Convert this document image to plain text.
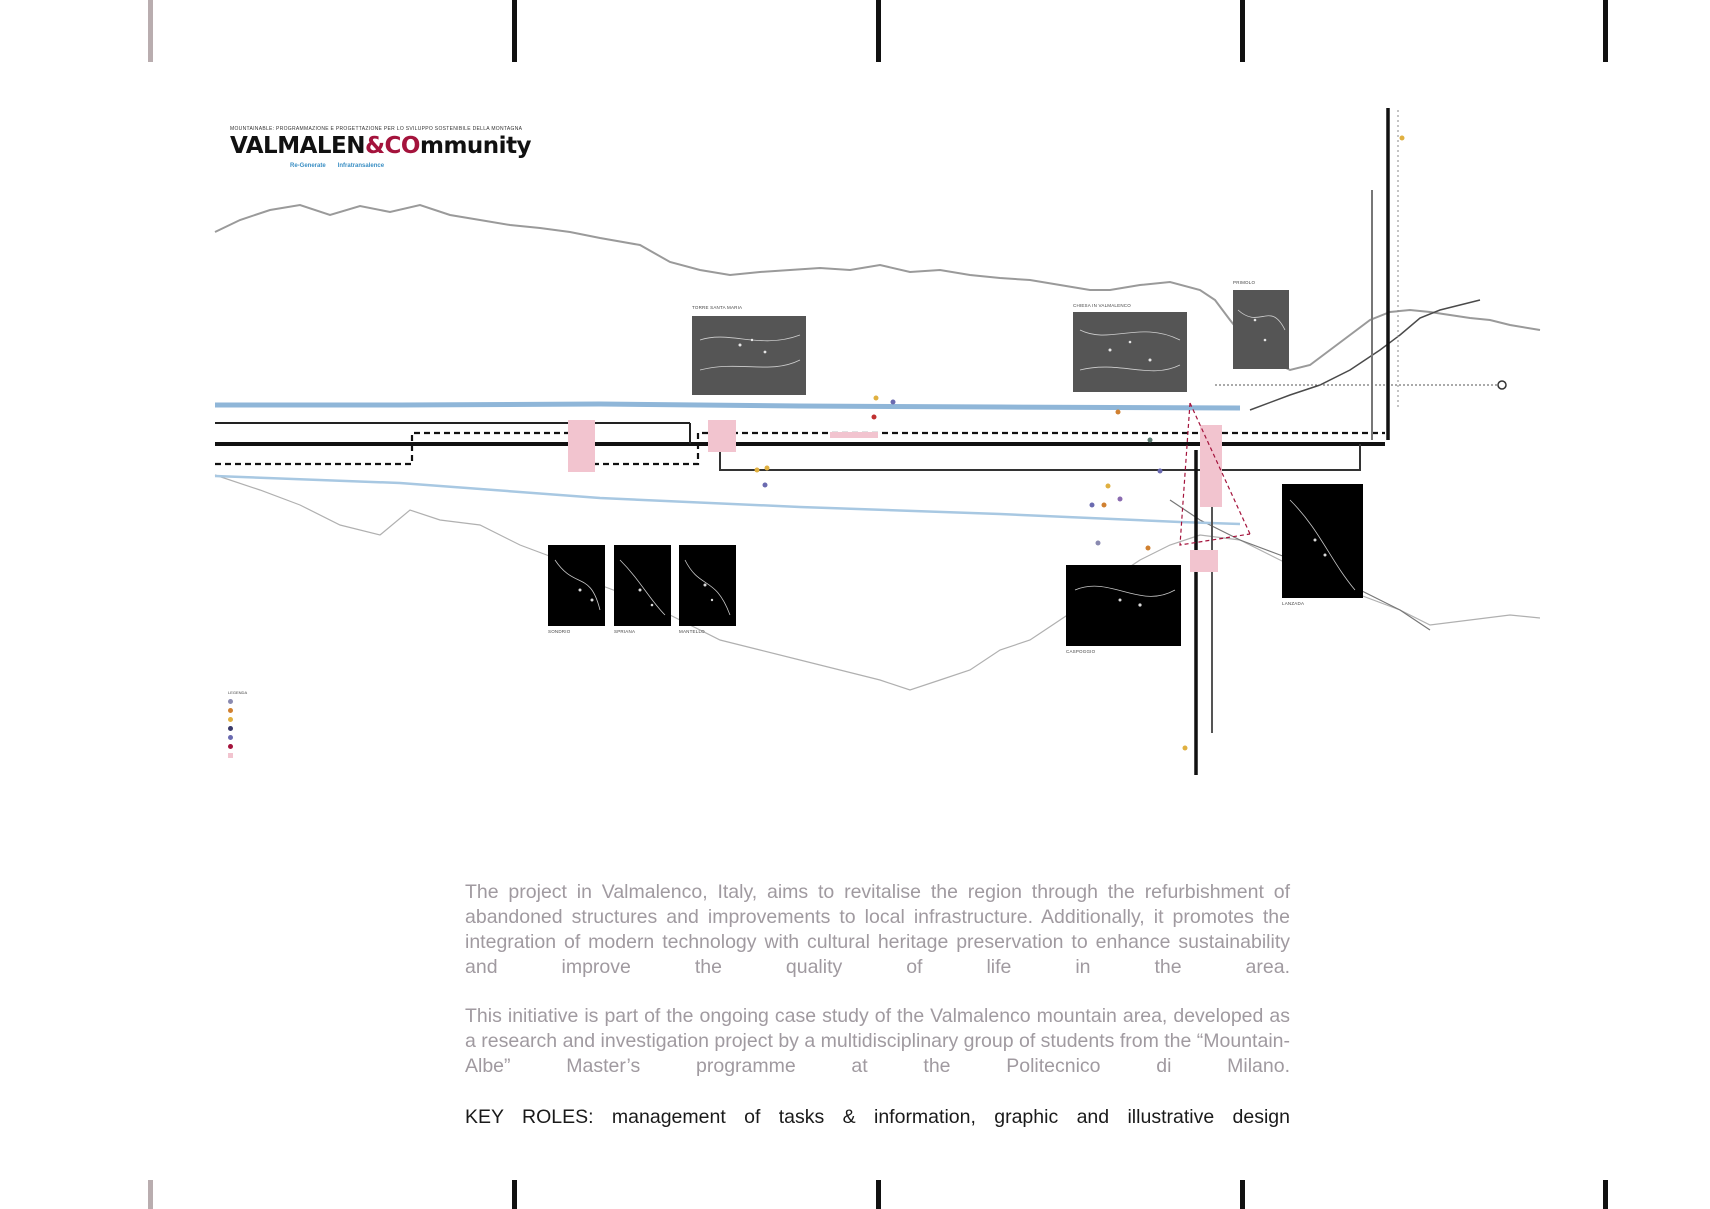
MOUNTAINABLE: PROGRAMMAZIONE E PROGETTAZIONE PER LO SVILUPPO SOSTENIBILE DELLA MONTAGNA
VALMALEN&COmmunity
Re-Generate Infratransalence
TORRE SANTA MARIA	CHIESA IN VALMALENCO
PRIMOLO
SONDRIO	SPRIANA	MANTELLO
CASPOGGIO
LANZADA
LEGENDA
The project in Valmalenco, Italy, aims to revitalise the region through the refurbishment of abandoned structures and improvements to local infrastructure. Additionally, it promotes the integration of modern technology with cultural heritage preservation to enhance sustainability and improve the quality of life in the area.
This initiative is part of the ongoing case study of the Valmalenco mountain area, developed as a research and investigation project by a multidisciplinary group of students from the “Mountain-Albe” Master’s programme at the Politecnico di Milano.
KEY ROLES: management of tasks & information, graphic and illustrative design
